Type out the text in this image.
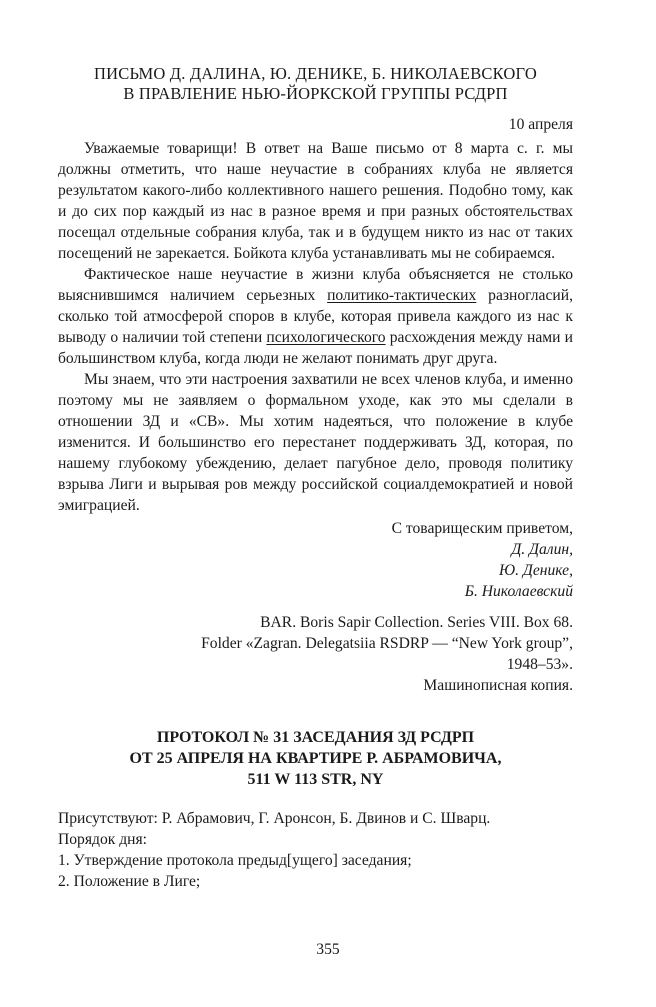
ПИСЬМО Д. ДАЛИНА, Ю. ДЕНИКЕ, Б. НИКОЛАЕВСКОГО
В ПРАВЛЕНИЕ НЬЮ-ЙОРКСКОЙ ГРУППЫ РСДРП
10 апреля

Уважаемые товарищи! В ответ на Ваше письмо от 8 марта с. г. мы должны отметить, что наше неучастие в собраниях клуба не является результатом какого-либо коллективного нашего решения. Подобно тому, как и до сих пор каждый из нас в разное время и при разных обстоятельствах посещал отдельные собрания клуба, так и в будущем никто из нас от таких посещений не зарекается. Бойкота клуба устанавливать мы не собираемся.

Фактическое наше неучастие в жизни клуба объясняется не столько выяснившимся наличием серьезных политико-тактических разногласий, сколько той атмосферой споров в клубе, которая привела каждого из нас к выводу о наличии той степени психологического расхождения между нами и большинством клуба, когда люди не желают понимать друг друга.

Мы знаем, что эти настроения захватили не всех членов клуба, и именно поэтому мы не заявляем о формальном уходе, как это мы сделали в отношении ЗД и «СВ». Мы хотим надеяться, что положение в клубе изменится. И большинство его перестанет поддерживать ЗД, которая, по нашему глубокому убеждению, делает пагубное дело, проводя политику взрыва Лиги и вырывая ров между российской социалдемократией и новой эмиграцией.

С товарищеским приветом,
Д. Далин,
Ю. Денике,
Б. Николаевский
BAR. Boris Sapir Collection. Series VIII. Box 68.
Folder «Zagran. Delegatsiia RSDRP — “New York group”,
1948–53».
Машинописная копия.
ПРОТОКОЛ № 31 ЗАСЕДАНИЯ ЗД РСДРП
ОТ 25 АПРЕЛЯ НА КВАРТИРЕ Р. АБРАМОВИЧА,
511 W 113 STR, NY
Присутствуют: Р. Абрамович, Г. Аронсон, Б. Двинов и С. Шварц.
Порядок дня:
1. Утверждение протокола предыд[ущего] заседания;
2. Положение в Лиге;
355
